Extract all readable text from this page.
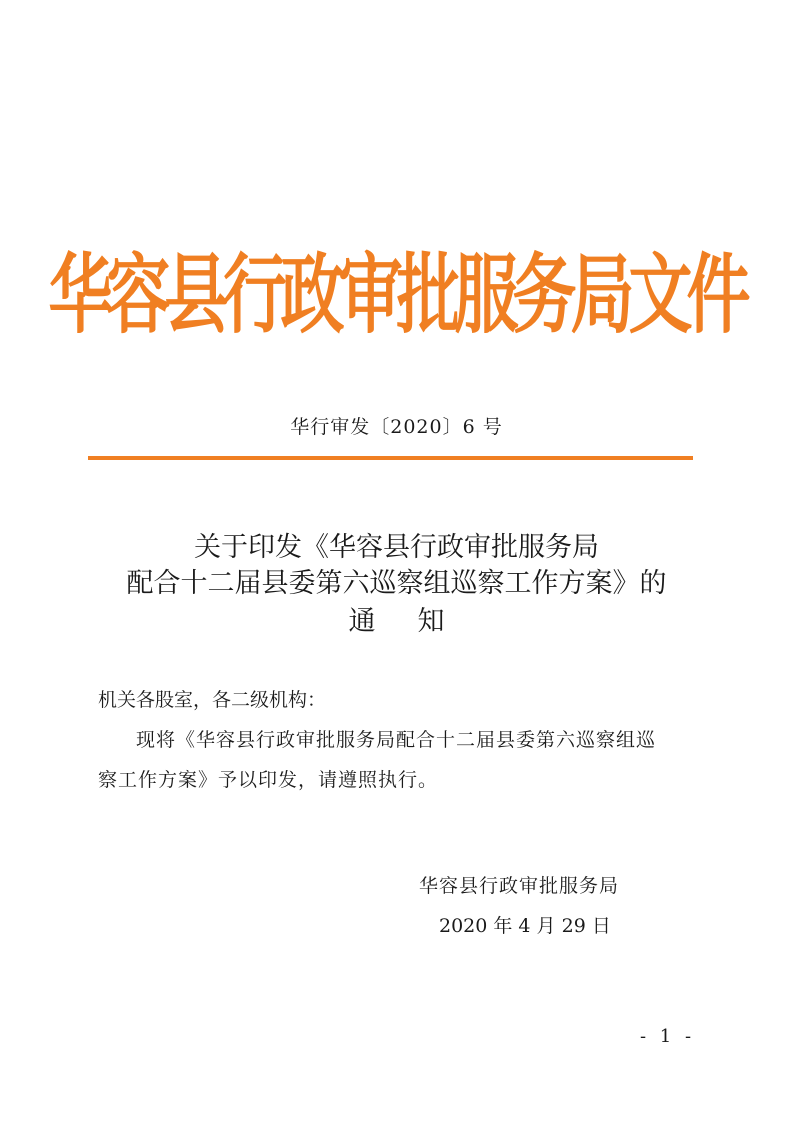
华容县行政审批服务局文件
华行审发〔2020〕6 号
关于印发《华容县行政审批服务局
配合十二届县委第六巡察组巡察工作方案》的
通知
机关各股室，各二级机构：
现将《华容县行政审批服务局配合十二届县委第六巡察组巡
察工作方案》予以印发，请遵照执行。
华容县行政审批服务局
2020 年 4 月 29 日
- 1 -
